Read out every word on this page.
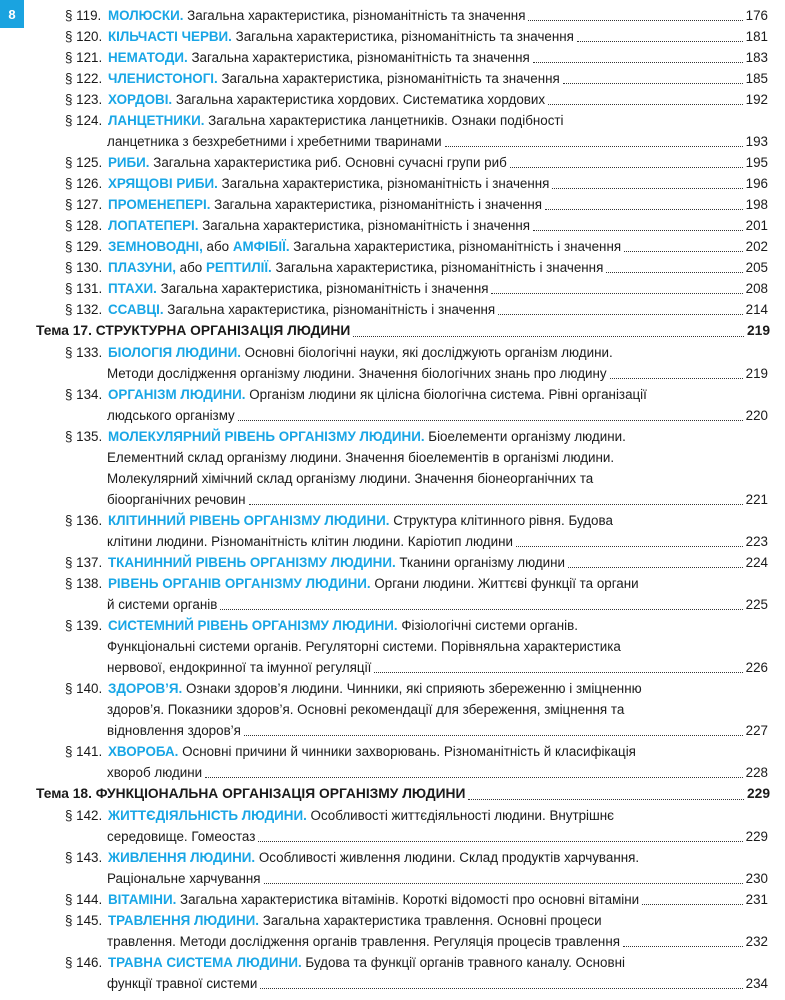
8	§ 119. МОЛЮСКИ. Загальна характеристика, різноманітність та значення	176
§ 120. КІЛЬЧАСТІ ЧЕРВИ. Загальна характеристика, різноманітність та значення	181
§ 121. НЕМАТОДИ. Загальна характеристика, різноманітність та значення	183
§ 122. ЧЛЕНИСТОНОГІ. Загальна характеристика, різноманітність та значення	185
§ 123. ХОРДОВІ. Загальна характеристика хордових. Систематика хордових	192
§ 124. ЛАНЦЕТНИКИ. Загальна характеристика ланцетників. Ознаки подібності
ланцетника з безхребетними і хребетними тваринами	193
§ 125. РИБИ. Загальна характеристика риб. Основні сучасні групи риб	195
§ 126. ХРЯЩОВІ РИБИ. Загальна характеристика, різноманітність і значення	196
§ 127. ПРОМЕНЕПЕРІ. Загальна характеристика, різноманітність і значення	198
§ 128. ЛОПАТЕПЕРІ. Загальна характеристика, різноманітність і значення	201
§ 129. ЗЕМНОВОДНІ, або АМФІБІЇ. Загальна характеристика, різноманітність і значення	202
§ 130. ПЛАЗУНИ, або РЕПТИЛІЇ. Загальна характеристика, різноманітність і значення	205
§ 131. ПТАХИ. Загальна характеристика, різноманітність і значення	208
§ 132. ССАВЦІ. Загальна характеристика, різноманітність і значення	214
Тема 17. СТРУКТУРНА ОРГАНІЗАЦІЯ ЛЮДИНИ	219
§ 133. БІОЛОГІЯ ЛЮДИНИ. Основні біологічні науки, які досліджують організм людини.
Методи дослідження організму людини. Значення біологічних знань про людину	219
§ 134. ОРГАНІЗМ ЛЮДИНИ. Організм людини як цілісна біологічна система. Рівні організації
людського організму	220
§ 135. МОЛЕКУЛЯРНИЙ РІВЕНЬ ОРГАНІЗМУ ЛЮДИНИ. Біоелементи організму людини.
Елементний склад організму людини. Значення біоелементів в організмі людини.
Молекулярний хімічний склад організму людини. Значення біонеорганічних та
біоорганічних речовин	221
§ 136. КЛІТИННИЙ РІВЕНЬ ОРГАНІЗМУ ЛЮДИНИ. Структура клітинного рівня. Будова
клітини людини. Різноманітність клітин людини. Каріотип людини	223
§ 137. ТКАНИННИЙ РІВЕНЬ ОРГАНІЗМУ ЛЮДИНИ. Тканини організму людини	224
§ 138. РІВЕНЬ ОРГАНІВ ОРГАНІЗМУ ЛЮДИНИ. Органи людини. Життєві функції та органи
й системи органів	225
§ 139. СИСТЕМНИЙ РІВЕНЬ ОРГАНІЗМУ ЛЮДИНИ. Фізіологічні системи органів.
Функціональні системи органів. Регуляторні системи. Порівняльна характеристика
нервової, ендокринної та імунної регуляції	226
§ 140. ЗДОРОВ’Я. Ознаки здоров’я людини. Чинники, які сприяють збереженню і зміцненню
здоров’я. Показники здоров’я. Основні рекомендації для збереження, зміцнення та
відновлення здоров’я	227
§ 141. ХВОРОБА. Основні причини й чинники захворювань. Різноманітність й класифікація
хвороб людини	228
Тема 18. ФУНКЦІОНАЛЬНА ОРГАНІЗАЦІЯ ОРГАНІЗМУ ЛЮДИНИ	229
§ 142. ЖИТТЄДІЯЛЬНІСТЬ ЛЮДИНИ. Особливості життєдіяльності людини. Внутрішнє
середовище. Гомеостаз	229
§ 143. ЖИВЛЕННЯ ЛЮДИНИ. Особливості живлення людини. Склад продуктів харчування.
Раціональне харчування	230
§ 144. ВІТАМІНИ. Загальна характеристика вітамінів. Короткі відомості про основні вітаміни	231
§ 145. ТРАВЛЕННЯ ЛЮДИНИ. Загальна характеристика травлення. Основні процеси
травлення. Методи дослідження органів травлення. Регуляція процесів травлення	232
§ 146. ТРАВНА СИСТЕМА ЛЮДИНИ. Будова та функції органів травного каналу. Основні
функції травної системи	234
